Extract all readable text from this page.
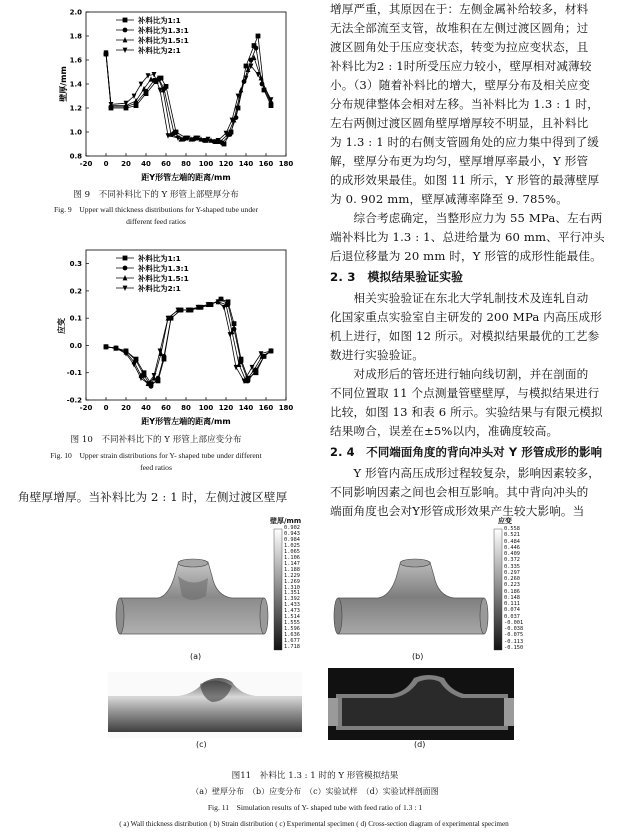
-20 0 20 40 60 80 100 120 140 160 180
0.8
1.0
1.2
1.4
1.6
1.8
2.0
补料比为1:1
补料比为1.3:1
补料比为1.5:1
补料比为2:1
壁厚/mm
距Y形管左端的距离/mm
图 9　不同补料比下的 Y 形管上部壁厚分布
Fig. 9　Upper wall thickness distributions for Y-shaped tube under
different feed ratios
-20 0 20 40 60 80 100 120 140 160 180
-0.2
-0.1
0.0
0.1
0.2
0.3
补料比为1:1
补料比为1.3:1
补料比为1.5:1
补料比为2:1
应变
距Y形管左端的距离/mm
图 10　不同补料比下的 Y 形管上部应变分布
Fig. 10　Upper strain distributions for Y- shaped tube under different
feed ratios
角壁厚增厚。当补料比为 2 : 1 时，左侧过渡区壁厚
增厚严重，其原因在于：左侧金属补给较多，材料
无法全部流至支管，故堆积在左侧过渡区圆角；过
渡区圆角处于压应变状态，转变为拉应变状态，且
补料比为2 : 1时所受压应力较小，壁厚相对减薄较
小。（3）随着补料比的增大，壁厚分布及相关应变
分布规律整体会相对左移。当补料比为 1.3 : 1 时，
左右两侧过渡区圆角壁厚增厚较不明显，且补料比
为 1.3 : 1 时的右侧支管圆角处的应力集中得到了缓
解，壁厚分布更为均匀，壁厚增厚率最小，Y 形管
的成形效果最佳。如图 11 所示，Y 形管的最薄壁厚
为 0. 902 mm，壁厚减薄率降至 9. 785%。
　　综合考虑确定，当整形应力为 55 MPa、左右两
端补料比为 1.3 : 1、总进给量为 60 mm、平行冲头
后退位移量为 20 mm 时，Y 形管的成形性能最佳。
2. 3　模拟结果验证实验
　　相关实验验证在东北大学轧制技术及连轧自动
化国家重点实验室自主研发的 200 MPa 内高压成形
机上进行，如图 12 所示。对模拟结果最优的工艺参
数进行实验验证。
　　对成形后的管坯进行轴向线切割，并在剖面的
不同位置取 11 个点测量管壁壁厚，与模拟结果进行
比较，如图 13 和表 6 所示。实验结果与有限元模拟
结果吻合，误差在±5%以内，准确度较高。
2. 4　不同端面角度的背向冲头对 Y 形管成形的影响
　　Y 形管内高压成形过程较复杂，影响因素较多，
不同影响因素之间也会相互影响。其中背向冲头的
端面角度也会对Y形管成形效果产生较大影响。当
壁厚/mm
0.902
0.943
0.984
1.025
1.065
1.106
1.147
1.188
1.229
1.269
1.310
1.351
1.392
1.433
1.473
1.514
1.555
1.596
1.636
1.677
1.718
(a)
应变
0.558
0.521
0.484
0.446
0.409
0.372
0.335
0.297
0.260
0.223
0.186
0.148
0.111
0.074
0.037
-0.001
-0.038
-0.075
-0.113
-0.150
(b)
(c)	(d)
图11　补料比 1.3 : 1 时的 Y 形管模拟结果
（a）壁厚分布　（b）应变分布　（c）实验试样　（d）实验试样剖面图
Fig. 11　Simulation results of Y- shaped tube with feed ratio of 1.3 : 1
( a) Wall thickness distribution ( b) Strain distribution ( c) Experimental specimen ( d) Cross-section diagram of experimental specimen
